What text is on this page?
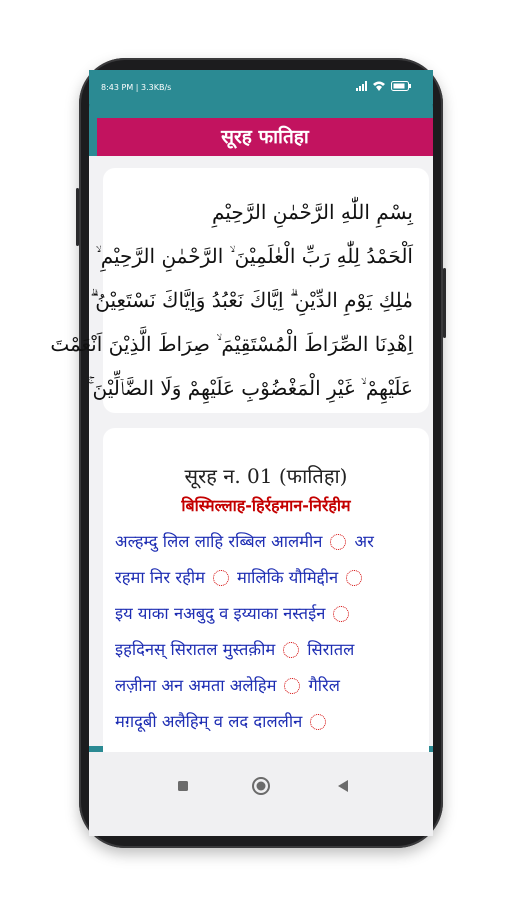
8:43 PM | 3.3KB/s
सूरह फातिहा
بِسْمِ اللّٰهِ الرَّحْمٰنِ الرَّحِيْمِ
اَلْحَمْدُ لِلّٰهِ رَبِّ الْعٰلَمِيْنَ ۙ الرَّحْمٰنِ الرَّحِيْمِ ۙ
مٰلِكِ يَوْمِ الدِّيْنِ ۗ اِيَّاكَ نَعْبُدُ وَاِيَّاكَ نَسْتَعِيْنُ ۗ
اِهْدِنَا الصِّرَاطَ الْمُسْتَقِيْمَ ۙ صِرَاطَ الَّذِيْنَ اَنْعَمْتَ
عَلَيْهِمْ ۙ غَيْرِ الْمَغْضُوْبِ عَلَيْهِمْ وَلَا الضَّاۤلِّيْنَ ۚ
सूरह न. 01 (फातिहा)
बिस्मिल्लाह-हिर्रहमान-निर्रहीम
अल्हम्दु लिल लाहि रब्बिल आलमीन अर
रहमा निर रहीम मालिकि यौमिद्दीन
इय याका नअबुदु व इय्याका नस्तईन
इहदिनस् सिरातल मुस्तक़ीम सिरातल
लज़ीना अन अमता अलेहिम गैरिल
मग़दूबी अलैहिम् व लद दाललीन
